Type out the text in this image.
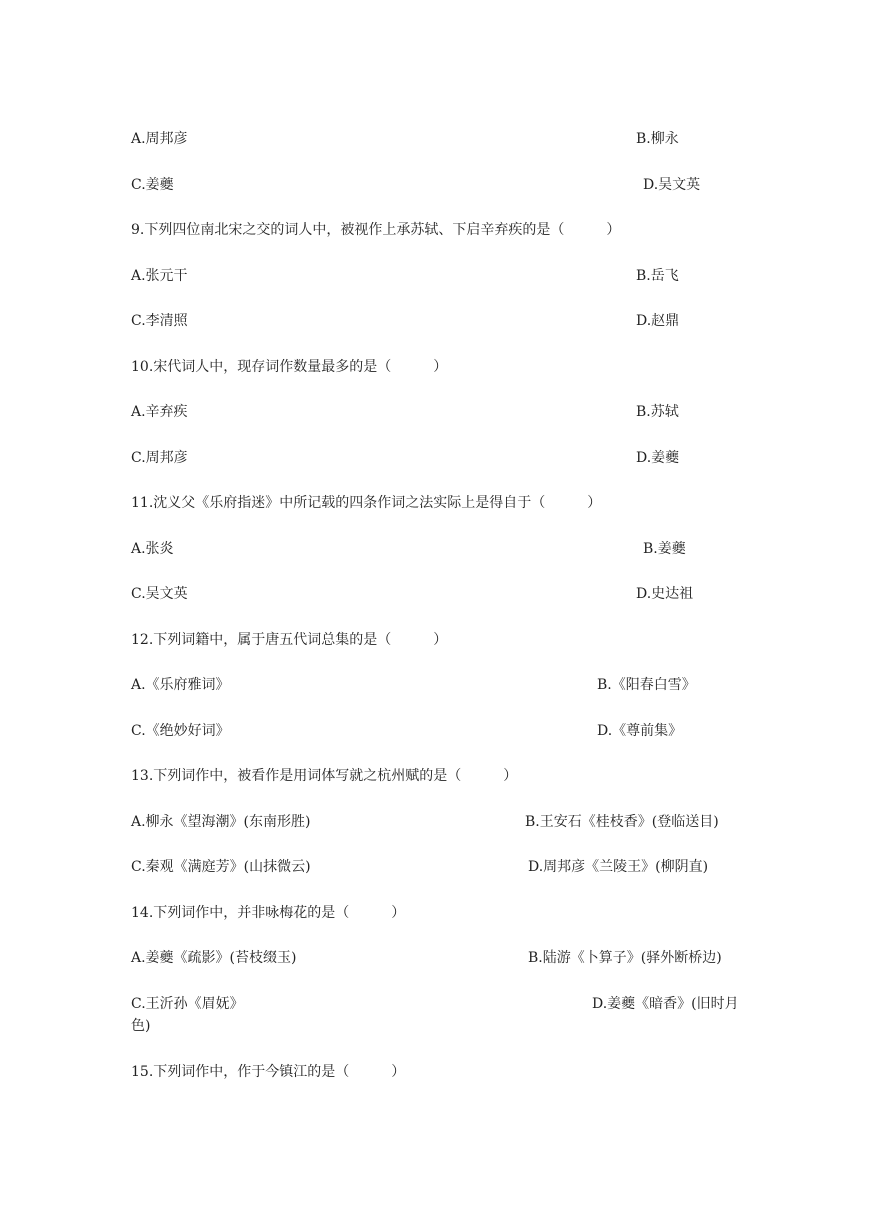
A.周邦彦	B.柳永
C.姜夔	D.吴文英
9.下列四位南北宋之交的词人中，被视作上承苏轼、下启辛弃疾的是（　　　）
A.张元干	B.岳飞
C.李清照	D.赵鼎
10.宋代词人中，现存词作数量最多的是（　　　）
A.辛弃疾	B.苏轼
C.周邦彦	D.姜夔
11.沈义父《乐府指迷》中所记载的四条作词之法实际上是得自于（　　　）
A.张炎	B.姜夔
C.吴文英	D.史达祖
12.下列词籍中，属于唐五代词总集的是（　　　）
A.《乐府雅词》	B.《阳春白雪》
C.《绝妙好词》	D.《尊前集》
13.下列词作中，被看作是用词体写就之杭州赋的是（　　　）
A.柳永《望海潮》(东南形胜)	B.王安石《桂枝香》(登临送目)
C.秦观《满庭芳》(山抹微云)	D.周邦彦《兰陵王》(柳阴直)
14.下列词作中，并非咏梅花的是（　　　）
A.姜夔《疏影》(苔枝缀玉)	B.陆游《卜算子》(驿外断桥边)
C.王沂孙《眉妩》	D.姜夔《暗香》(旧时月色)
15.下列词作中，作于今镇江的是（　　　）
